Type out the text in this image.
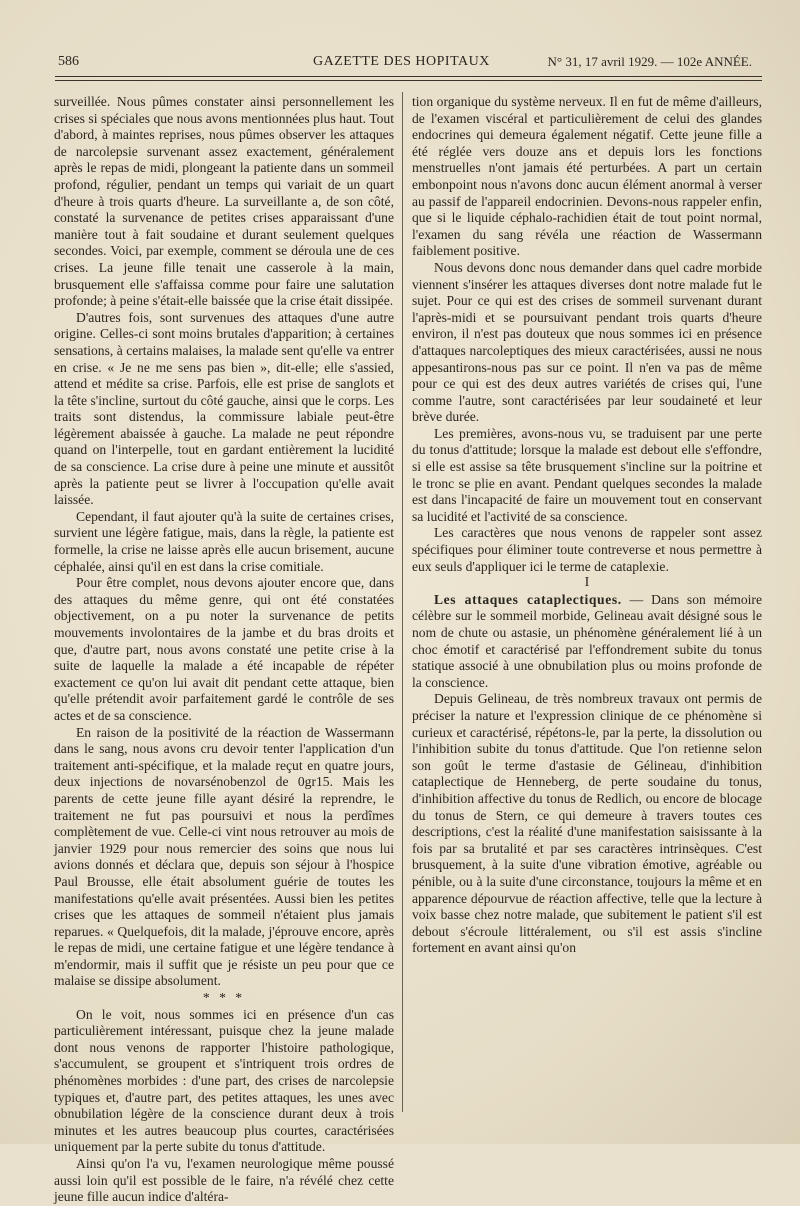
586	GAZETTE DES HOPITAUX	N° 31, 17 avril 1929. — 102e ANNÉE.

surveillée. Nous pûmes constater ainsi personnellement les crises si spéciales que nous avons mentionnées plus haut. Tout d'abord, à maintes reprises, nous pûmes observer les attaques de narcolepsie survenant assez exactement, généralement après le repas de midi, plongeant la patiente dans un sommeil profond, régulier, pendant un temps qui variait de un quart d'heure à trois quarts d'heure. La surveillante a, de son côté, constaté la survenance de petites crises apparaissant d'une manière tout à fait soudaine et durant seulement quelques secondes. Voici, par exemple, comment se déroula une de ces crises. La jeune fille tenait une casserole à la main, brusquement elle s'affaissa comme pour faire une salutation profonde; à peine s'était-elle baissée que la crise était dissipée.

D'autres fois, sont survenues des attaques d'une autre origine. Celles-ci sont moins brutales d'apparition; à certaines sensations, à certains malaises, la malade sent qu'elle va entrer en crise. « Je ne me sens pas bien », dit-elle; elle s'assied, attend et médite sa crise. Parfois, elle est prise de sanglots et la tête s'incline, surtout du côté gauche, ainsi que le corps. Les traits sont distendus, la commissure labiale peut-être légèrement abaissée à gauche. La malade ne peut répondre quand on l'interpelle, tout en gardant entièrement la lucidité de sa conscience. La crise dure à peine une minute et aussitôt après la patiente peut se livrer à l'occupation qu'elle avait laissée.

Cependant, il faut ajouter qu'à la suite de certaines crises, survient une légère fatigue, mais, dans la règle, la patiente est formelle, la crise ne laisse après elle aucun brisement, aucune céphalée, ainsi qu'il en est dans la crise comitiale.

Pour être complet, nous devons ajouter encore que, dans des attaques du même genre, qui ont été constatées objectivement, on a pu noter la survenance de petits mouvements involontaires de la jambe et du bras droits et que, d'autre part, nous avons constaté une petite crise à la suite de laquelle la malade a été incapable de répéter exactement ce qu'on lui avait dit pendant cette attaque, bien qu'elle prétendit avoir parfaitement gardé le contrôle de ses actes et de sa conscience.

En raison de la positivité de la réaction de Wassermann dans le sang, nous avons cru devoir tenter l'application d'un traitement anti-spécifique, et la malade reçut en quatre jours, deux injections de novarsénobenzol de 0gr15. Mais les parents de cette jeune fille ayant désiré la reprendre, le traitement ne fut pas poursuivi et nous la perdîmes complètement de vue. Celle-ci vint nous retrouver au mois de janvier 1929 pour nous remercier des soins que nous lui avions donnés et déclara que, depuis son séjour à l'hospice Paul Brousse, elle était absolument guérie de toutes les manifestations qu'elle avait présentées. Aussi bien les petites crises que les attaques de sommeil n'étaient plus jamais reparues. « Quelquefois, dit la malade, j'éprouve encore, après le repas de midi, une certaine fatigue et une légère tendance à m'endormir, mais il suffit que je résiste un peu pour que ce malaise se dissipe absolument.

* * *

On le voit, nous sommes ici en présence d'un cas particulièrement intéressant, puisque chez la jeune malade dont nous venons de rapporter l'histoire pathologique, s'accumulent, se groupent et s'intriquent trois ordres de phénomènes morbides : d'une part, des crises de narcolepsie typiques et, d'autre part, des petites attaques, les unes avec obnubilation légère de la conscience durant deux à trois minutes et les autres beaucoup plus courtes, caractérisées uniquement par la perte subite du tonus d'attitude.

Ainsi qu'on l'a vu, l'examen neurologique même poussé aussi loin qu'il est possible de le faire, n'a révélé chez cette jeune fille aucun indice d'altéra-

tion organique du système nerveux. Il en fut de même d'ailleurs, de l'examen viscéral et particulièrement de celui des glandes endocrines qui demeura également négatif. Cette jeune fille a été réglée vers douze ans et depuis lors les fonctions menstruelles n'ont jamais été perturbées. A part un certain embonpoint nous n'avons donc aucun élément anormal à verser au passif de l'appareil endocrinien. Devons-nous rappeler enfin, que si le liquide céphalo-rachidien était de tout point normal, l'examen du sang révéla une réaction de Wassermann faiblement positive.

Nous devons donc nous demander dans quel cadre morbide viennent s'insérer les attaques diverses dont notre malade fut le sujet. Pour ce qui est des crises de sommeil survenant durant l'après-midi et se poursuivant pendant trois quarts d'heure environ, il n'est pas douteux que nous sommes ici en présence d'attaques narcoleptiques des mieux caractérisées, aussi ne nous appesantirons-nous pas sur ce point. Il n'en va pas de même pour ce qui est des deux autres variétés de crises qui, l'une comme l'autre, sont caractérisées par leur soudaineté et leur brève durée.

Les premières, avons-nous vu, se traduisent par une perte du tonus d'attitude; lorsque la malade est debout elle s'effondre, si elle est assise sa tête brusquement s'incline sur la poitrine et le tronc se plie en avant. Pendant quelques secondes la malade est dans l'incapacité de faire un mouvement tout en conservant sa lucidité et l'activité de sa conscience.

Les caractères que nous venons de rappeler sont assez spécifiques pour éliminer toute contreverse et nous permettre à eux seuls d'appliquer ici le terme de cataplexie.

I

Les attaques cataplectiques. — Dans son mémoire célèbre sur le sommeil morbide, Gelineau avait désigné sous le nom de chute ou astasie, un phénomène généralement lié à un choc émotif et caractérisé par l'effondrement subite du tonus statique associé à une obnubilation plus ou moins profonde de la conscience.

Depuis Gelineau, de très nombreux travaux ont permis de préciser la nature et l'expression clinique de ce phénomène si curieux et caractérisé, répétons-le, par la perte, la dissolution ou l'inhibition subite du tonus d'attitude. Que l'on retienne selon son goût le terme d'astasie de Gélineau, d'inhibition cataplectique de Henneberg, de perte soudaine du tonus, d'inhibition affective du tonus de Redlich, ou encore de blocage du tonus de Stern, ce qui demeure à travers toutes ces descriptions, c'est la réalité d'une manifestation saisissante à la fois par sa brutalité et par ses caractères intrinsèques. C'est brusquement, à la suite d'une vibration émotive, agréable ou pénible, ou à la suite d'une circonstance, toujours la même et en apparence dépourvue de réaction affective, telle que la lecture à voix basse chez notre malade, que subitement le patient s'il est debout s'écroule littéralement, ou s'il est assis s'incline fortement en avant ainsi qu'on
